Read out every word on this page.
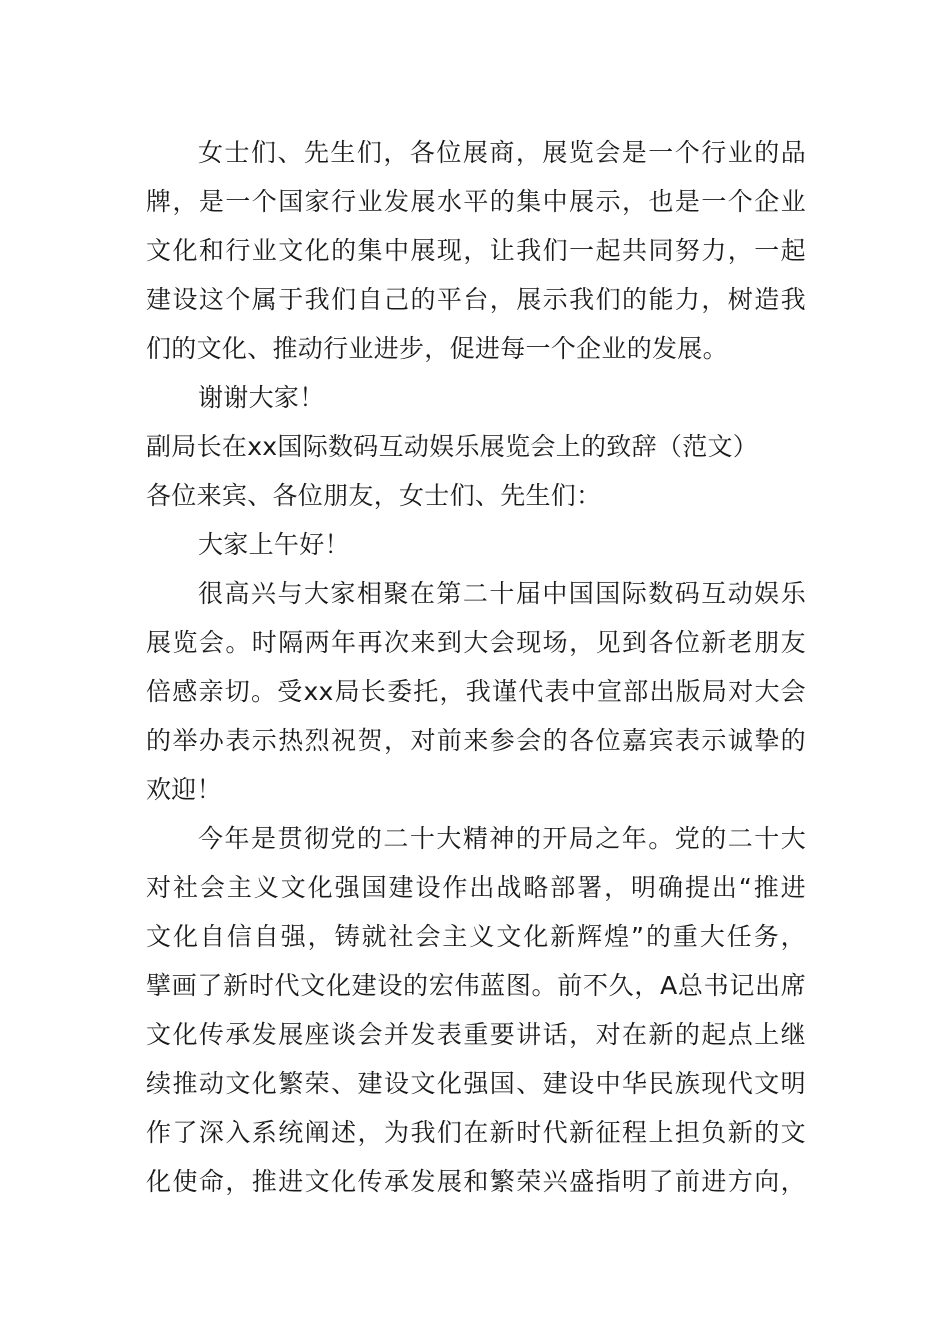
女士们、先生们，各位展商，展览会是一个行业的品
牌，是一个国家行业发展水平的集中展示，也是一个企业
文化和行业文化的集中展现，让我们一起共同努力，一起
建设这个属于我们自己的平台，展示我们的能力，树造我
们的文化、推动行业进步，促进每一个企业的发展。
谢谢大家！
副局长在xx国际数码互动娱乐展览会上的致辞（范文）
各位来宾、各位朋友，女士们、先生们：
大家上午好！
很高兴与大家相聚在第二十届中国国际数码互动娱乐
展览会。时隔两年再次来到大会现场，见到各位新老朋友
倍感亲切。受xx局长委托，我谨代表中宣部出版局对大会
的举办表示热烈祝贺，对前来参会的各位嘉宾表示诚挚的
欢迎！
今年是贯彻党的二十大精神的开局之年。党的二十大
对社会主义文化强国建设作出战略部署，明确提出“推进
文化自信自强，铸就社会主义文化新辉煌”的重大任务，
擘画了新时代文化建设的宏伟蓝图。前不久，A总书记出席
文化传承发展座谈会并发表重要讲话，对在新的起点上继
续推动文化繁荣、建设文化强国、建设中华民族现代文明
作了深入系统阐述，为我们在新时代新征程上担负新的文
化使命，推进文化传承发展和繁荣兴盛指明了前进方向，
